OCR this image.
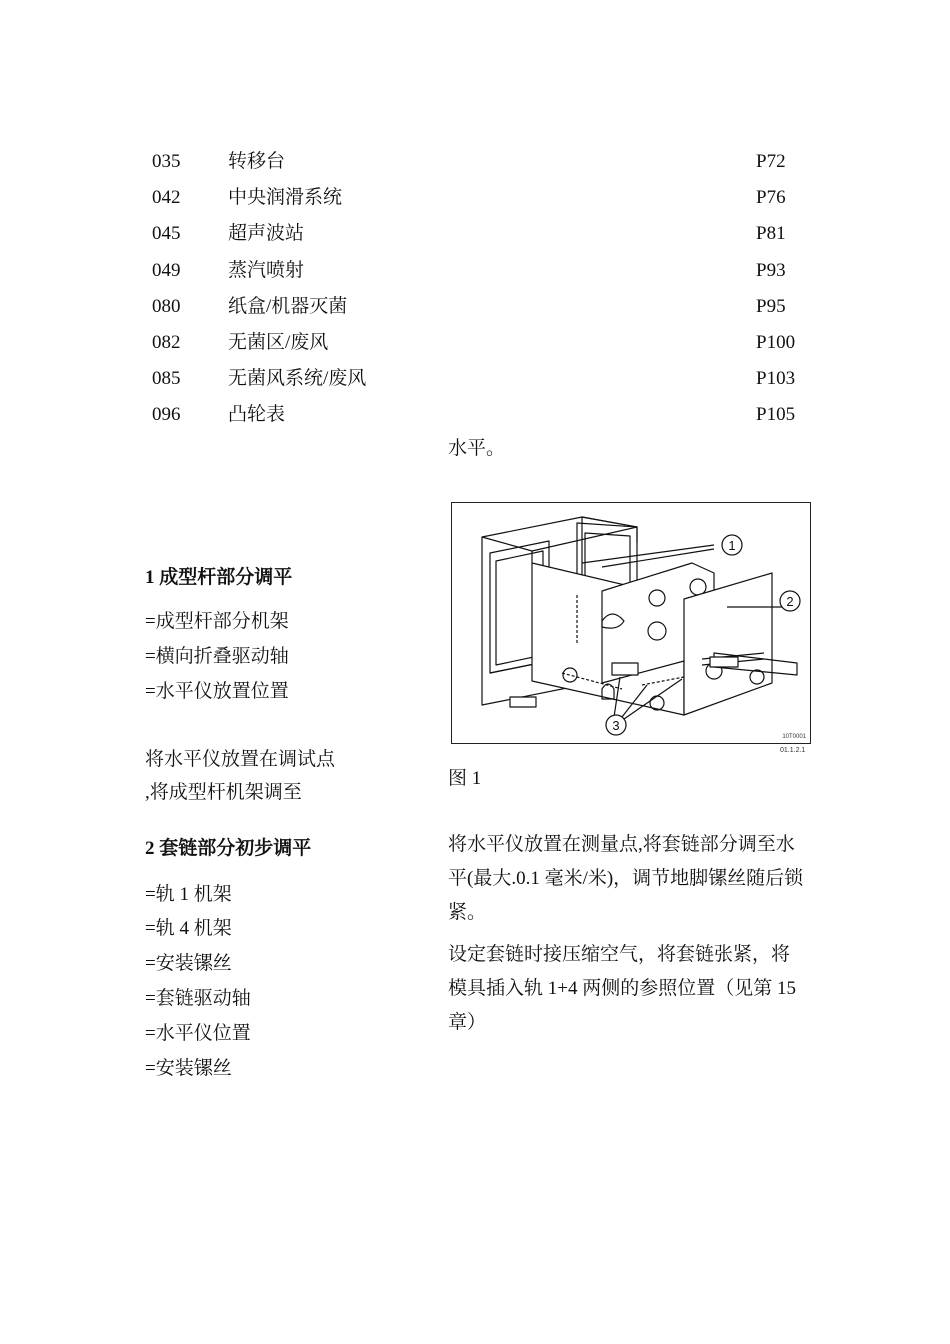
035	转移台	P72
042	中央润滑系统	P76
045	超声波站	P81
049	蒸汽喷射	P93
080	纸盒/机器灭菌	P95
082	无菌区/废风	P100
085	无菌风系统/废风	P103
096	凸轮表	P105
水平。
1 成型杆部分调平
=成型杆部分机架
=横向折叠驱动轴
=水平仪放置位置
将水平仪放置在调试点
,将成型杆机架调至
1
2
3
10T0001
01.1.2.1
图 1
2 套链部分初步调平
=轨 1 机架
=轨 4 机架
=安装镙丝
=套链驱动轴
=水平仪位置
=安装镙丝
将水平仪放置在测量点,将套链部分调至水
平(最大.0.1 毫米/米)，调节地脚镙丝随后锁
紧。
设定套链时接压缩空气，将套链张紧，将
模具插入轨 1+4 两侧的参照位置（见第 15
章）
